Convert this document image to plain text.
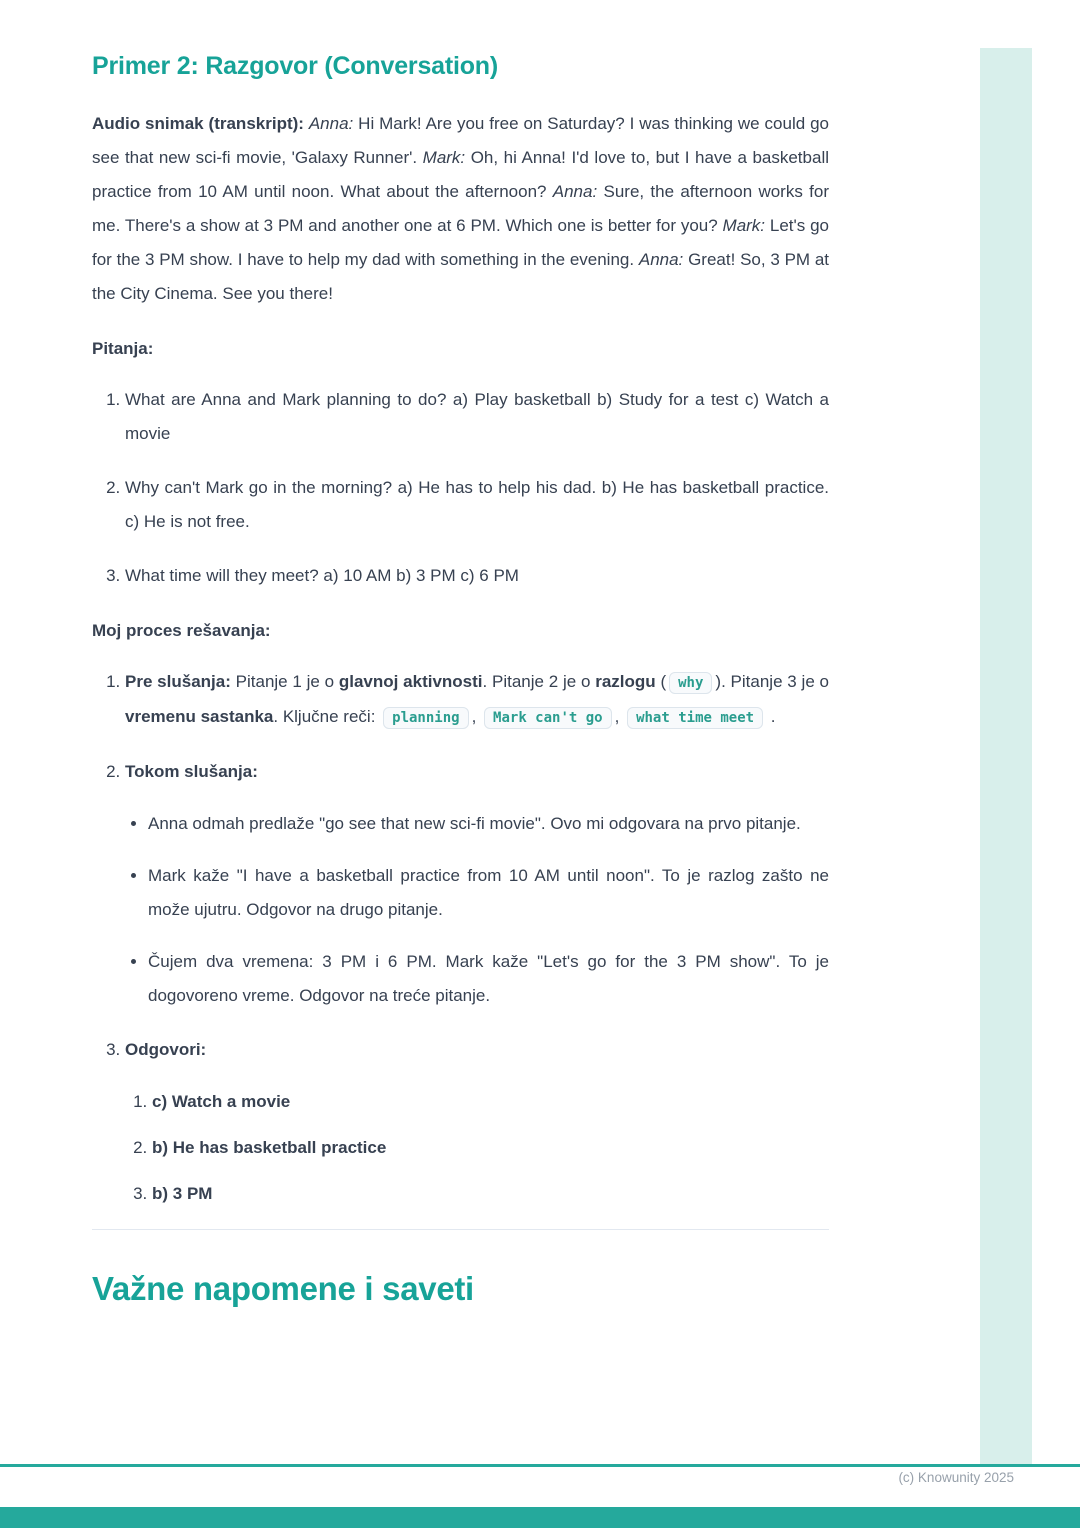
Primer 2: Razgovor (Conversation)

Audio snimak (transkript): Anna: Hi Mark! Are you free on Saturday? I was thinking we could go see that new sci-fi movie, 'Galaxy Runner'. Mark: Oh, hi Anna! I'd love to, but I have a basketball practice from 10 AM until noon. What about the afternoon? Anna: Sure, the afternoon works for me. There's a show at 3 PM and another one at 6 PM. Which one is better for you? Mark: Let's go for the 3 PM show. I have to help my dad with something in the evening. Anna: Great! So, 3 PM at the City Cinema. See you there!

Pitanja:

1. What are Anna and Mark planning to do? a) Play basketball b) Study for a test c) Watch a movie
2. Why can't Mark go in the morning? a) He has to help his dad. b) He has basketball practice. c) He is not free.
3. What time will they meet? a) 10 AM b) 3 PM c) 6 PM

Moj proces rešavanja:

1. Pre slušanja: Pitanje 1 je o glavnoj aktivnosti. Pitanje 2 je o razlogu ( why ). Pitanje 3 je o vremenu sastanka. Ključne reči: planning , Mark can't go , what time meet .
2. Tokom slušanja:
• Anna odmah predlaže "go see that new sci-fi movie". Ovo mi odgovara na prvo pitanje.
• Mark kaže "I have a basketball practice from 10 AM until noon". To je razlog zašto ne može ujutru. Odgovor na drugo pitanje.
• Čujem dva vremena: 3 PM i 6 PM. Mark kaže "Let's go for the 3 PM show". To je dogovoreno vreme. Odgovor na treće pitanje.
3. Odgovori:
1. c) Watch a movie
2. b) He has basketball practice
3. b) 3 PM
Važne napomene i saveti
(c) Knowunity 2025
